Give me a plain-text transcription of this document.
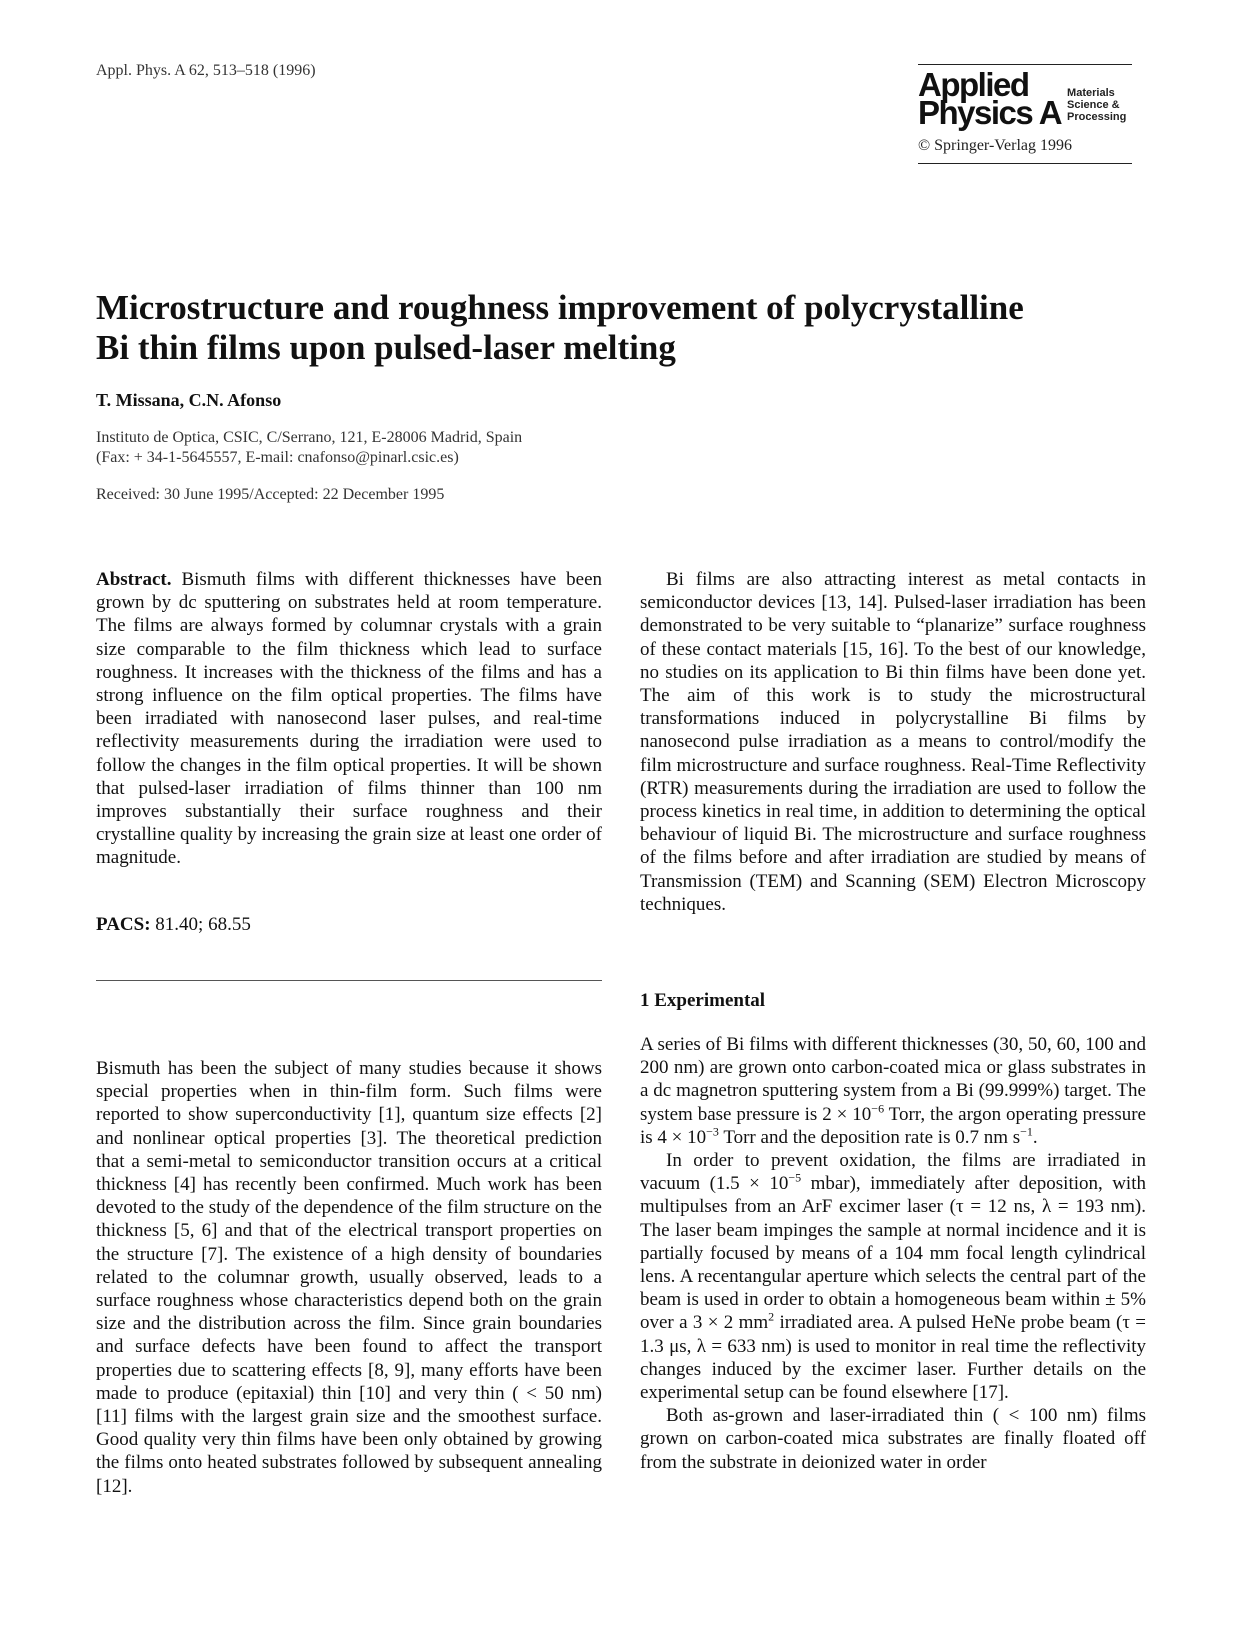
Appl. Phys. A 62, 513–518 (1996)	Applied
Physics A
Materials
Science &
Processing
© Springer-Verlag 1996
Microstructure and roughness improvement of polycrystalline
Bi thin films upon pulsed-laser melting
T. Missana, C.N. Afonso
Instituto de Optica, CSIC, C/Serrano, 121, E-28006 Madrid, Spain
(Fax: + 34-1-5645557, E-mail: cnafonso@pinarl.csic.es)
Received: 30 June 1995/Accepted: 22 December 1995

Abstract. Bismuth films with different thicknesses have been grown by dc sputtering on substrates held at room temperature. The films are always formed by columnar crystals with a grain size comparable to the film thickness which lead to surface roughness. It increases with the thickness of the films and has a strong influence on the film optical properties. The films have been irradiated with nanosecond laser pulses, and real-time reflectivity measurements during the irradiation were used to follow the changes in the film optical properties. It will be shown that pulsed-laser irradiation of films thinner than 100 nm improves substantially their surface roughness and their crystalline quality by increasing the grain size at least one order of magnitude.

PACS: 81.40; 68.55

Bismuth has been the subject of many studies because it shows special properties when in thin-film form. Such films were reported to show superconductivity [1], quantum size effects [2] and nonlinear optical properties [3]. The theoretical prediction that a semi-metal to semiconductor transition occurs at a critical thickness [4] has recently been confirmed. Much work has been devoted to the study of the dependence of the film structure on the thickness [5, 6] and that of the electrical transport properties on the structure [7]. The existence of a high density of boundaries related to the columnar growth, usually observed, leads to a surface roughness whose characteristics depend both on the grain size and the distribution across the film. Since grain boundaries and surface defects have been found to affect the transport properties due to scattering effects [8, 9], many efforts have been made to produce (epitaxial) thin [10] and very thin ( < 50 nm) [11] films with the largest grain size and the smoothest surface. Good quality very thin films have been only obtained by growing the films onto heated substrates followed by subsequent annealing [12].

Bi films are also attracting interest as metal contacts in semiconductor devices [13, 14]. Pulsed-laser irradiation has been demonstrated to be very suitable to “planarize” surface roughness of these contact materials [15, 16]. To the best of our knowledge, no studies on its application to Bi thin films have been done yet. The aim of this work is to study the microstructural transformations induced in polycrystalline Bi films by nanosecond pulse irradiation as a means to control/modify the film microstructure and surface roughness. Real-Time Reflectivity (RTR) measurements during the irradiation are used to follow the process kinetics in real time, in addition to determining the optical behaviour of liquid Bi. The microstructure and surface roughness of the films before and after irradiation are studied by means of Transmission (TEM) and Scanning (SEM) Electron Microscopy techniques.

1 Experimental

A series of Bi films with different thicknesses (30, 50, 60, 100 and 200 nm) are grown onto carbon-coated mica or glass substrates in a dc magnetron sputtering system from a Bi (99.999%) target. The system base pressure is $2 \times 10^{-6}$ Torr, the argon operating pressure is $4 \times 10^{-3}$ Torr and the deposition rate is 0.7 nm $s^{-1}$.

In order to prevent oxidation, the films are irradiated in vacuum ($1.5 \times 10^{-5}$ mbar), immediately after deposition, with multipulses from an ArF excimer laser (τ = 12 ns, λ = 193 nm). The laser beam impinges the sample at normal incidence and it is partially focused by means of a 104 mm focal length cylindrical lens. A recentangular aperture which selects the central part of the beam is used in order to obtain a homogeneous beam within ± 5% over a 3 × 2 $mm^2$ irradiated area. A pulsed HeNe probe beam (τ = 1.3 μs, λ = 633 nm) is used to monitor in real time the reflectivity changes induced by the excimer laser. Further details on the experimental setup can be found elsewhere [17].

Both as-grown and laser-irradiated thin ( < 100 nm) films grown on carbon-coated mica substrates are finally floated off from the substrate in deionized water in order
